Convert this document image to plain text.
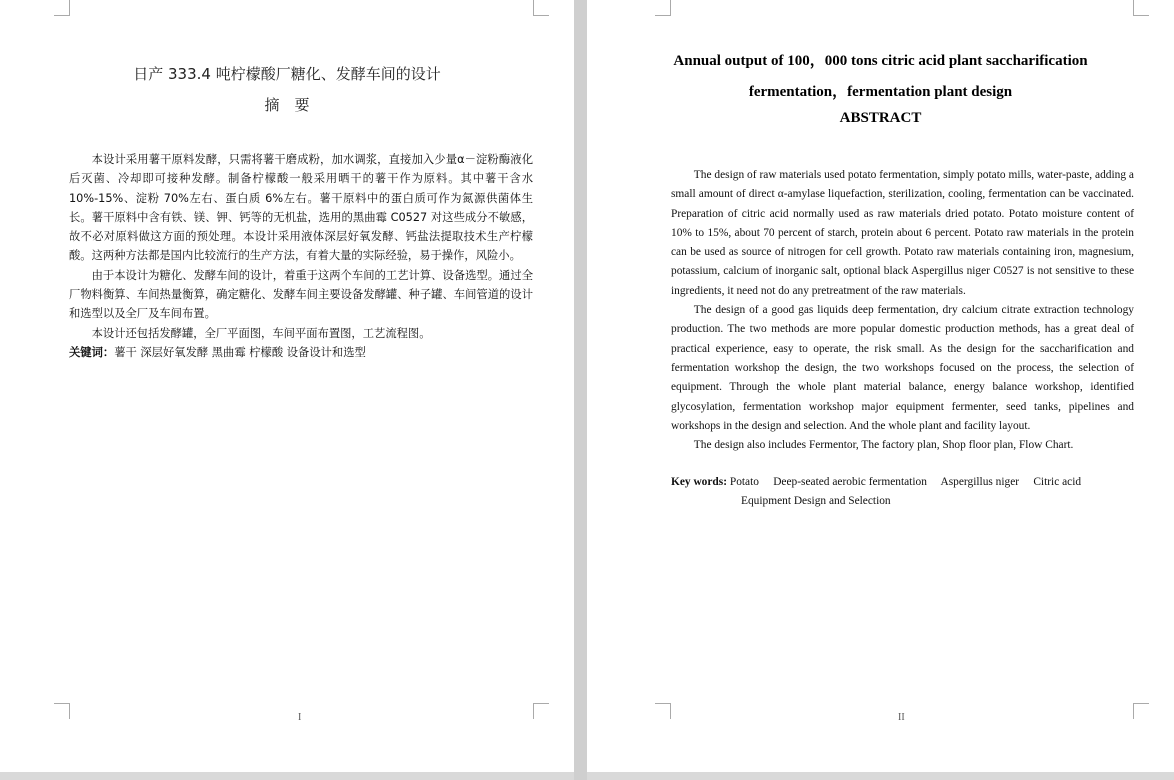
日产 333.4 吨柠檬酸厂糖化、发酵车间的设计
摘　要

本设计采用薯干原料发酵，只需将薯干磨成粉，加水调浆，直接加入少量α－淀粉酶液化后灭菌、冷却即可接种发酵。制备柠檬酸一般采用晒干的薯干作为原料。其中薯干含水 10%-15%、淀粉 70%左右、蛋白质 6%左右。薯干原料中的蛋白质可作为氮源供菌体生长。薯干原料中含有铁、镁、钾、钙等的无机盐，选用的黑曲霉 C0527 对这些成分不敏感，故不必对原料做这方面的预处理。本设计采用液体深层好氧发酵、钙盐法提取技术生产柠檬酸。这两种方法都是国内比较流行的生产方法，有着大量的实际经验，易于操作，风险小。

由于本设计为糖化、发酵车间的设计，着重于这两个车间的工艺计算、设备选型。通过全厂物料衡算、车间热量衡算，确定糖化、发酵车间主要设备发酵罐、种子罐、车间管道的设计和选型以及全厂及车间布置。

本设计还包括发酵罐，全厂平面图，车间平面布置图，工艺流程图。

关键词：薯干 深层好氧发酵 黑曲霉 柠檬酸 设备设计和选型
I
Annual output of 100，000 tons citric acid plant saccharification
fermentation，fermentation plant design
ABSTRACT

The design of raw materials used potato fermentation, simply potato mills, water-paste, adding a small amount of direct α-amylase liquefaction, sterilization, cooling, fermentation can be vaccinated. Preparation of citric acid normally used as raw materials dried potato. Potato moisture content of 10% to 15%, about 70 percent of starch, protein about 6 percent. Potato raw materials in the protein can be used as source of nitrogen for cell growth. Potato raw materials containing iron, magnesium, potassium, calcium of inorganic salt, optional black Aspergillus niger C0527 is not sensitive to these ingredients, it need not do any pretreatment of the raw materials.

The design of a good gas liquids deep fermentation, dry calcium citrate extraction technology production. The two methods are more popular domestic production methods, has a great deal of practical experience, easy to operate, the risk small. As the design for the saccharification and fermentation workshop the design, the two workshops focused on the process, the selection of equipment. Through the whole plant material balance, energy balance workshop, identified glycosylation, fermentation workshop major equipment fermenter, seed tanks, pipelines and workshops in the design and selection. And the whole plant and facility layout.

The design also includes Fermentor, The factory plan, Shop floor plan, Flow Chart.

Key words: Potato　 Deep-seated aerobic fermentation　 Aspergillus niger　 Citric acid
Equipment Design and Selection
II
